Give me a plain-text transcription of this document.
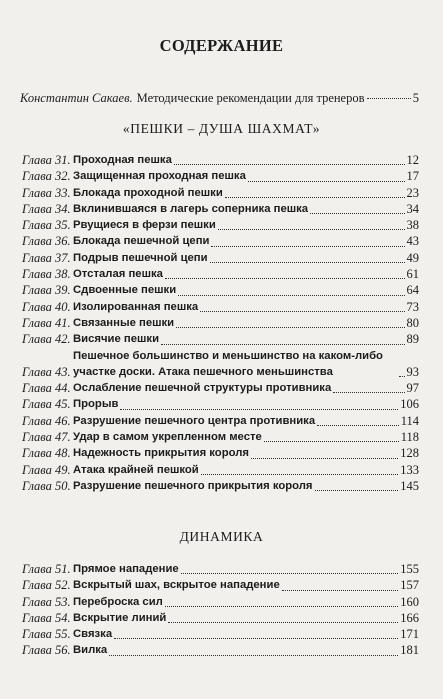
СОДЕРЖАНИЕ
Константин Сакаев. Методические рекомендации для тренеров	5
«ПЕШКИ – ДУША ШАХМАТ»
Глава 31. Проходная пешка	12
Глава 32. Защищенная проходная пешка	17
Глава 33. Блокада проходной пешки	23
Глава 34. Вклинившаяся в лагерь соперника пешка	34
Глава 35. Рвущиеся в ферзи пешки	38
Глава 36. Блокада пешечной цепи	43
Глава 37. Подрыв пешечной цепи	49
Глава 38. Отсталая пешка	61
Глава 39. Сдвоенные пешки	64
Глава 40. Изолированная пешка	73
Глава 41. Связанные пешки	80
Глава 42. Висячие пешки	89
Глава 43.
Пешечное большинство и меньшинство на каком-либо участке доски. Атака пешечного меньшинства	93
Глава 44. Ослабление пешечной структуры противника	97
Глава 45. Прорыв	106
Глава 46. Разрушение пешечного центра противника	114
Глава 47. Удар в самом укрепленном месте	118
Глава 48. Надежность прикрытия короля	128
Глава 49. Атака крайней пешкой	133
Глава 50. Разрушение пешечного прикрытия короля	145
ДИНАМИКА
Глава 51. Прямое нападение	155
Глава 52. Вскрытый шах, вскрытое нападение	157
Глава 53. Переброска сил	160
Глава 54. Вскрытие линий	166
Глава 55. Связка	171
Глава 56. Вилка	181
